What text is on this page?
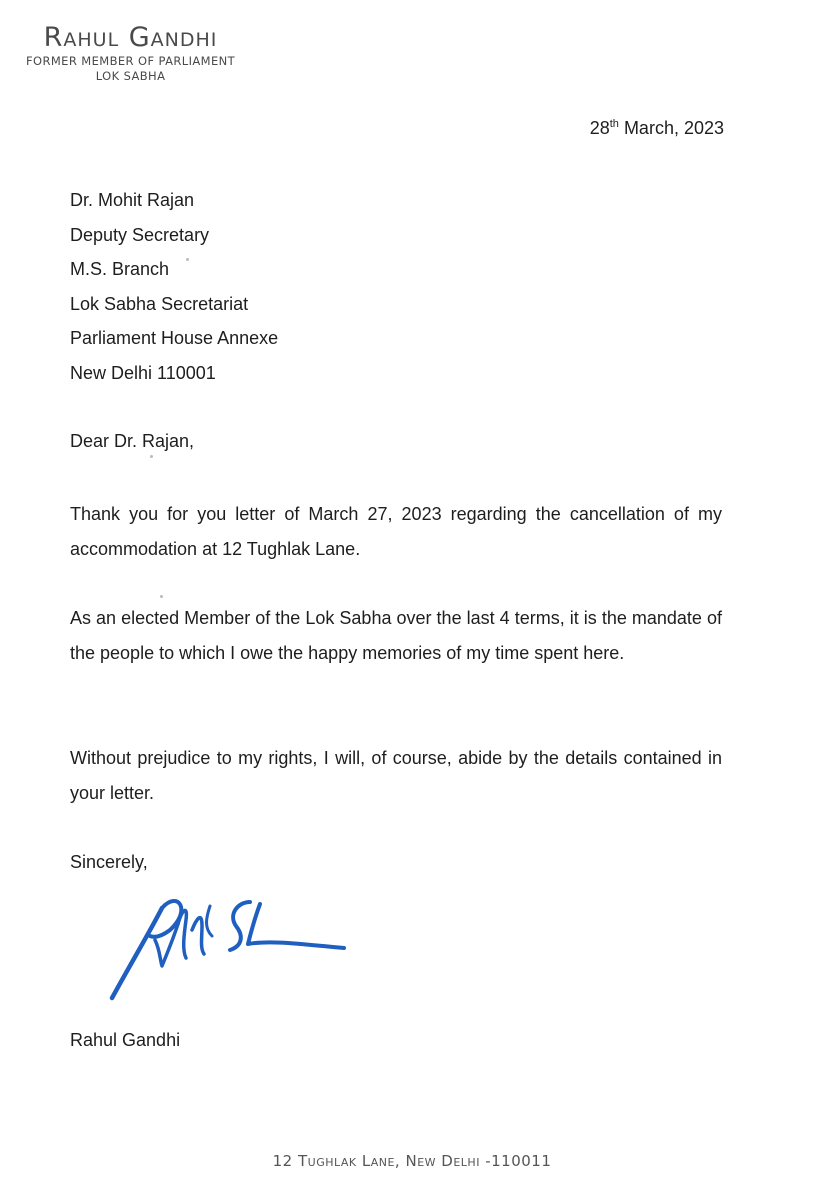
Rahul Gandhi
FORMER MEMBER OF PARLIAMENT
LOK SABHA
28th March, 2023
Dr. Mohit Rajan
Deputy Secretary
M.S. Branch
Lok Sabha Secretariat
Parliament House Annexe
New Delhi 110001
Dear Dr. Rajan,
Thank you for you letter of March 27, 2023 regarding the cancellation of my accommodation at 12 Tughlak Lane.
As an elected Member of the Lok Sabha over the last 4 terms, it is the mandate of the people to which I owe the happy memories of my time spent here.
Without prejudice to my rights, I will, of course, abide by the details contained in your letter.
Sincerely,
Rahul Gandhi
12 Tughlak Lane, New Delhi -110011
